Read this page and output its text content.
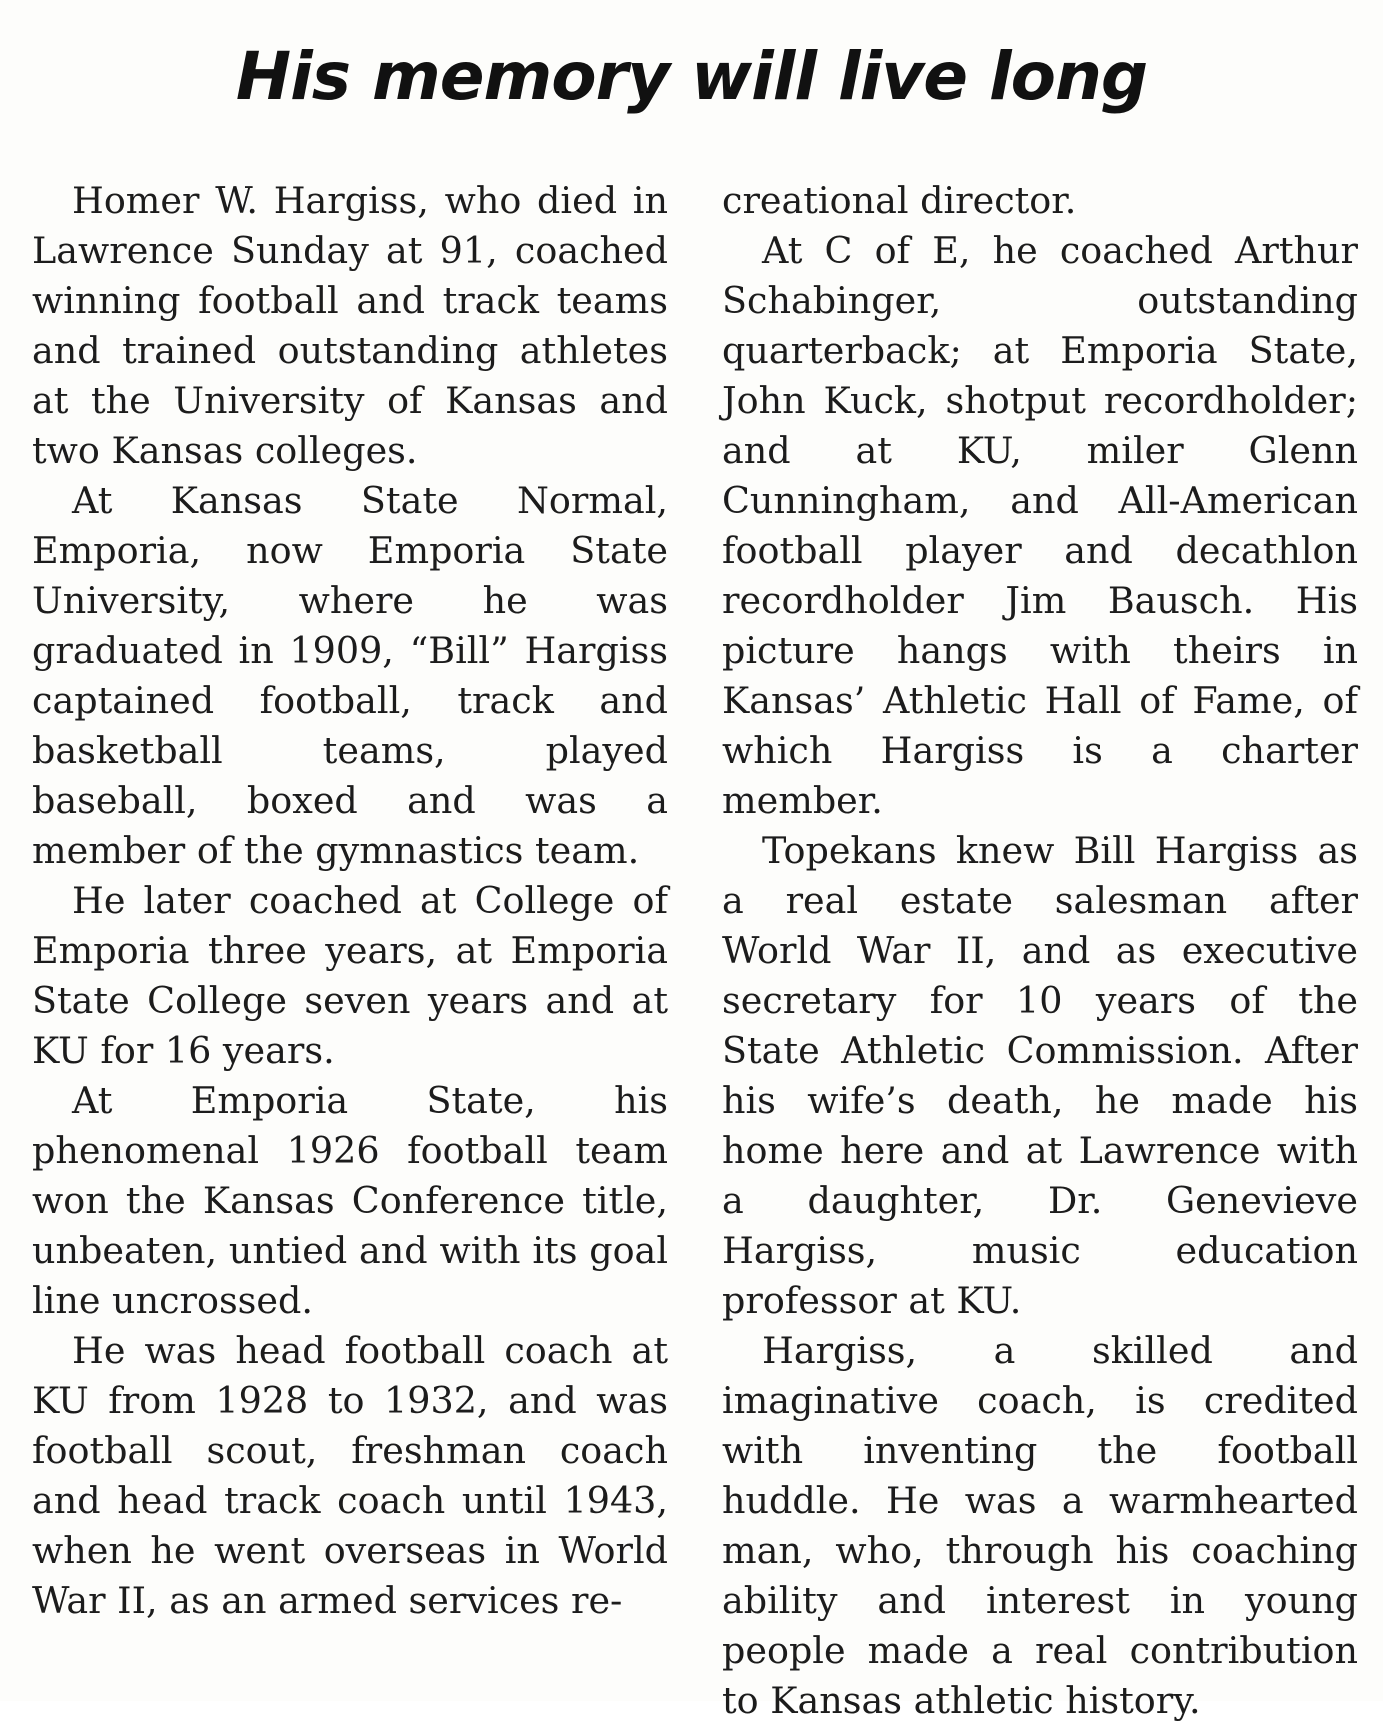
His memory will live long

Homer W. Hargiss, who died in Lawrence Sunday at 91, coached winning football and track teams and trained outstanding athletes at the University of Kansas and two Kansas colleges.

At Kansas State Normal, Emporia, now Emporia State University, where he was graduated in 1909, “Bill” Hargiss captained football, track and basketball teams, played baseball, boxed and was a member of the gymnastics team.

He later coached at College of Emporia three years, at Emporia State College seven years and at KU for 16 years.

At Emporia State, his phenomenal 1926 football team won the Kansas Conference title, unbeaten, untied and with its goal line uncrossed.

He was head football coach at KU from 1928 to 1932, and was football scout, freshman coach and head track coach until 1943, when he went overseas in World War II, as an armed services re-

creational director.

At C of E, he coached Arthur Schabinger, outstanding quarterback; at Emporia State, John Kuck, shotput recordholder; and at KU, miler Glenn Cunningham, and All-American football player and decathlon recordholder Jim Bausch. His picture hangs with theirs in Kansas’ Athletic Hall of Fame, of which Hargiss is a charter member.

Topekans knew Bill Hargiss as a real estate salesman after World War II, and as executive secretary for 10 years of the State Athletic Commission. After his wife’s death, he made his home here and at Lawrence with a daughter, Dr. Genevieve Hargiss, music education professor at KU.

Hargiss, a skilled and imaginative coach, is credited with inventing the football huddle. He was a warmhearted man, who, through his coaching ability and interest in young people made a real contribution to Kansas athletic history.
